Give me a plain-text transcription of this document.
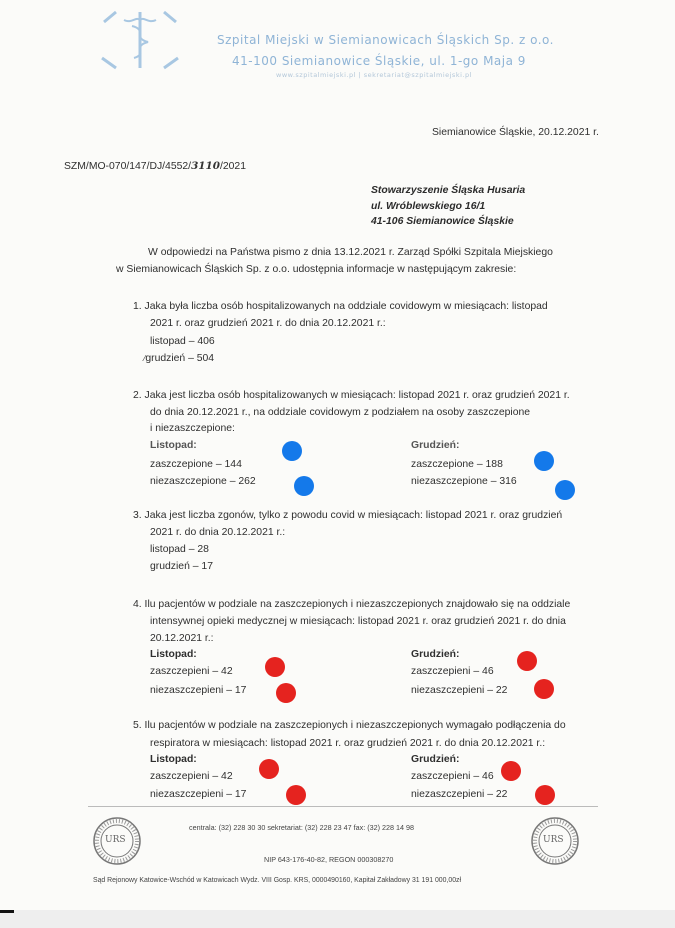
Szpital Miejski w Siemianowicach Śląskich Sp. z o.o.
41-100 Siemianowice Śląskie, ul. 1-go Maja 9
www.szpitalmiejski.pl | sekretariat@szpitalmiejski.pl
Siemianowice Śląskie, 20.12.2021 r.
SZM/MO-070/147/DJ/4552/3110/2021
Stowarzyszenie Śląska Husaria
ul. Wróblewskiego 16/1
41-106 Siemianowice Śląskie
W odpowiedzi na Państwa pismo z dnia 13.12.2021 r. Zarząd Spółki Szpitala Miejskiego
w Siemianowicach Śląskich Sp. z o.o. udostępnia informacje w następującym zakresie:
1. Jaka była liczba osób hospitalizowanych na oddziale covidowym w miesiącach: listopad
2021 r. oraz grudzień 2021 r. do dnia 20.12.2021 r.:
listopad – 406
⁄grudzień – 504
2. Jaka jest liczba osób hospitalizowanych w miesiącach: listopad 2021 r. oraz grudzień 2021 r.
do dnia 20.12.2021 r., na oddziale covidowym z podziałem na osoby zaszczepione
i niezaszczepione:
Listopad:
zaszczepione – 144
niezaszczepione – 262
Grudzień:
zaszczepione – 188
niezaszczepione – 316
3. Jaka jest liczba zgonów, tylko z powodu covid w miesiącach: listopad 2021 r. oraz grudzień
2021 r. do dnia 20.12.2021 r.:
listopad – 28
grudzień – 17
4. Ilu pacjentów w podziale na zaszczepionych i niezaszczepionych znajdowało się na oddziale
intensywnej opieki medycznej w miesiącach: listopad 2021 r. oraz grudzień 2021 r. do dnia
20.12.2021 r.:
Listopad:
zaszczepieni – 42
niezaszczepieni – 17
Grudzień:
zaszczepieni – 46
niezaszczepieni – 22
5. Ilu pacjentów w podziale na zaszczepionych i niezaszczepionych wymagało podłączenia do
respiratora w miesiącach: listopad 2021 r. oraz grudzień 2021 r. do dnia 20.12.2021 r.:
Listopad:
zaszczepieni – 42
niezaszczepieni – 17
Grudzień:
zaszczepieni – 46
niezaszczepieni – 22
URS	URS
centrala: (32) 228 30 30 sekretariat: (32) 228 23 47 fax: (32) 228 14 98
NIP 643-176-40-82, REGON 000308270
Sąd Rejonowy Katowice-Wschód w Katowicach Wydz. VIII Gosp. KRS, 0000490160, Kapitał Zakładowy 31 191 000,00zł
